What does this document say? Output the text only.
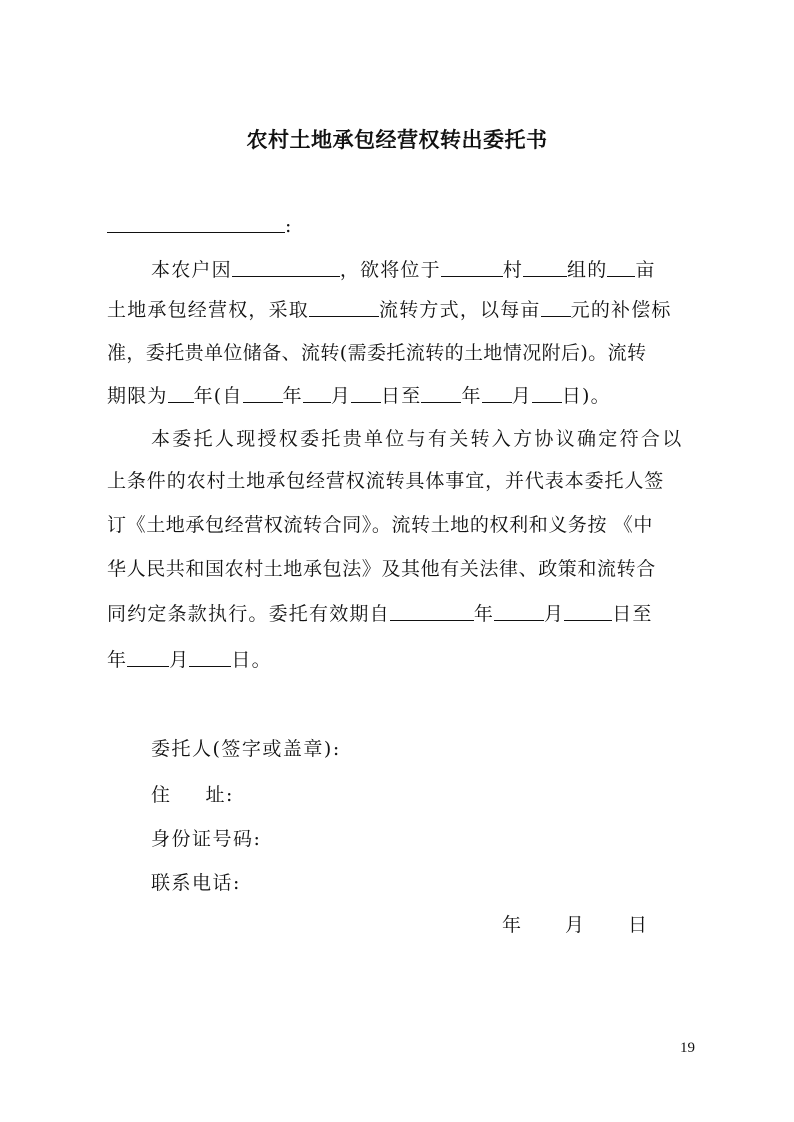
农村土地承包经营权转出委托书
:
本农户因	，欲将位于	村 组的 亩
土地承包经营权，采取	流转方式，以每亩 元的补偿标
准，委托贵单位储备、流转(需委托流转的土地情况附后)。流转
期限为 年(自 年 月 日至 年 月 日)。
本委托人现授权委托贵单位与有关转入方协议确定符合以
上条件的农村土地承包经营权流转具体事宜，并代表本委托人签
订《土地承包经营权流转合同》。流转土地的权利和义务按 《中
华人民共和国农村土地承包法》及其他有关法律、政策和流转合
同约定条款执行。委托有效期自	年	月	日至
年 月 日。
委托人(签字或盖章):
住 址:
身份证号码:
联系电话:
年 月 日
19
